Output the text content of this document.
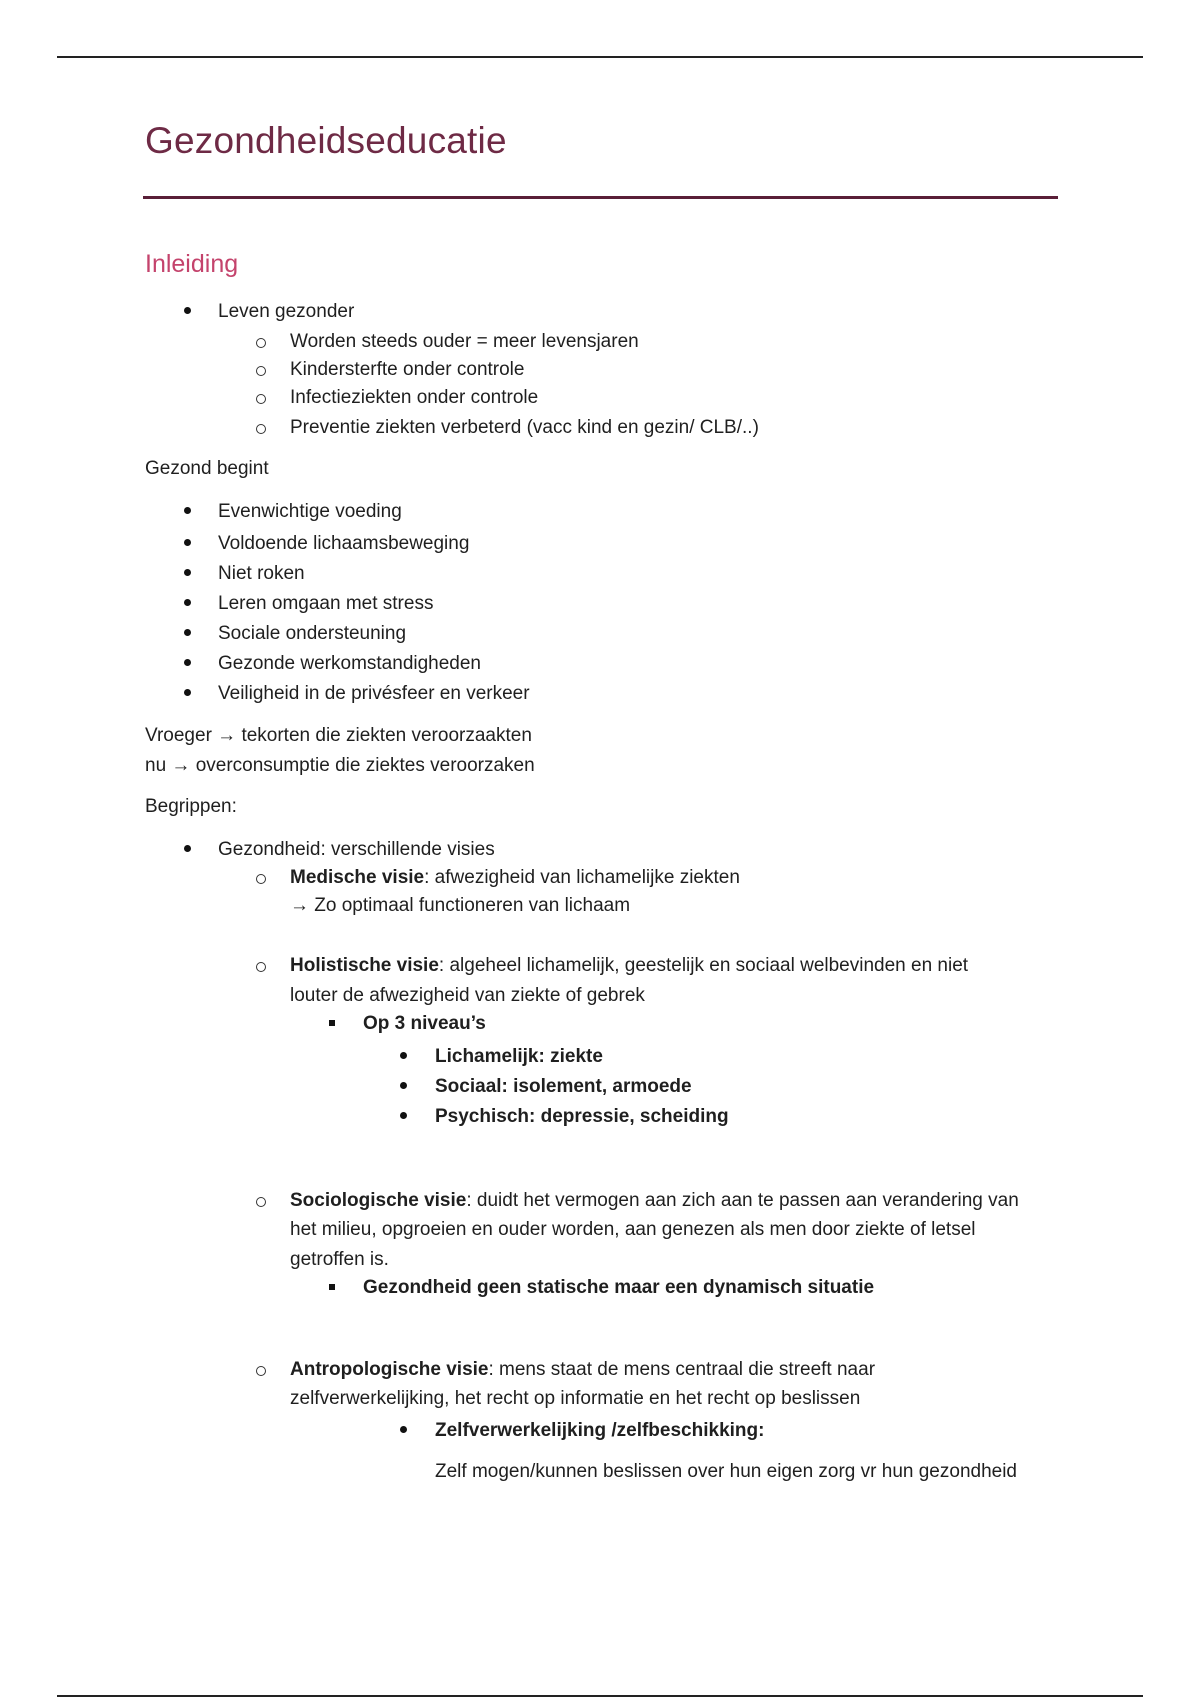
Gezondheidseducatie
Inleiding
Leven gezonder
Worden steeds ouder = meer levensjaren
Kindersterfte onder controle
Infectieziekten onder controle
Preventie ziekten verbeterd (vacc kind en gezin/ CLB/..)
Gezond begint
Evenwichtige voeding
Voldoende lichaamsbeweging
Niet roken
Leren omgaan met stress
Sociale ondersteuning
Gezonde werkomstandigheden
Veiligheid in de privésfeer en verkeer
Vroeger → tekorten die ziekten veroorzaakten
nu → overconsumptie die ziektes veroorzaken
Begrippen:
Gezondheid: verschillende visies
Medische visie: afwezigheid van lichamelijke ziekten
→ Zo optimaal functioneren van lichaam
Holistische visie: algeheel lichamelijk, geestelijk en sociaal welbevinden en niet
louter de afwezigheid van ziekte of gebrek
Op 3 niveau’s
Lichamelijk: ziekte
Sociaal: isolement, armoede
Psychisch: depressie, scheiding
Sociologische visie: duidt het vermogen aan zich aan te passen aan verandering van
het milieu, opgroeien en ouder worden, aan genezen als men door ziekte of letsel
getroffen is.
Gezondheid geen statische maar een dynamisch situatie
Antropologische visie: mens staat de mens centraal die streeft naar
zelfverwerkelijking, het recht op informatie en het recht op beslissen
Zelfverwerkelijking /zelfbeschikking:
Zelf mogen/kunnen beslissen over hun eigen zorg vr hun gezondheid
